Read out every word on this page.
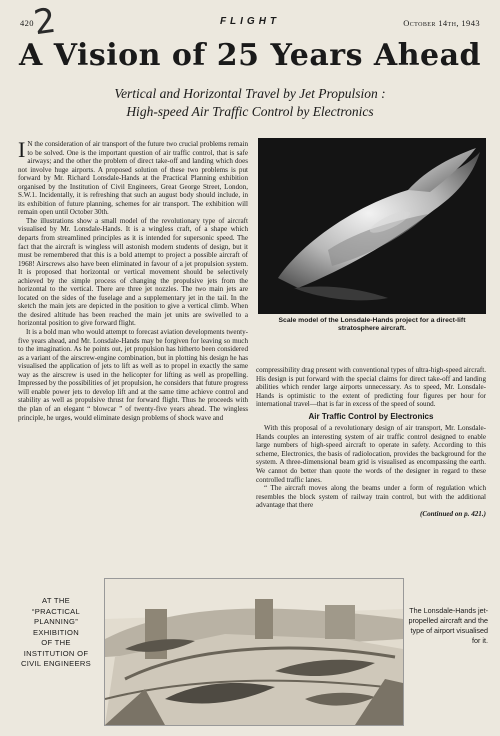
420	FLIGHT	October 14th, 1943
2
A Vision of 25 Years Ahead
Vertical and Horizontal Travel by Jet Propulsion :
High-speed Air Traffic Control by Electronics

I N the consideration of air transport of the future two crucial problems remain to be solved. One is the important question of air traffic control, that is safe airways; and the other the problem of direct take-off and landing which does not involve huge airports. A proposed solution of these two problems is put forward by Mr. Richard Lonsdale-Hands at the Practical Planning exhibition organised by the Institution of Civil Engineers, Great George Street, London, S.W.1. Incidentally, it is refreshing that such an august body should include, in its exhibition of future planning, schemes for air transport. The exhibition will remain open until October 30th.

The illustrations show a small model of the revolutionary type of aircraft visualised by Mr. Lonsdale-Hands. It is a wingless craft, of a shape which departs from streamlined principles as it is intended for supersonic speed. The fact that the aircraft is wingless will astonish modern students of design, but it must be remembered that this is a bold attempt to project a possible aircraft of 1968! Airscrews also have been eliminated in favour of a jet propulsion system. It is proposed that horizontal or vertical movement should be selectively achieved by the simple process of changing the propulsive jets from the horizontal to the vertical. There are three jet nozzles. The two main jets are located on the sides of the fuselage and a supplementary jet in the tail. In the sketch the main jets are depicted in the position to give a vertical climb. When the desired altitude has been reached the main jet units are swivelled to a horizontal position to give forward flight.

It is a bold man who would attempt to forecast aviation developments twenty-five years ahead, and Mr. Lonsdale-Hands may be forgiven for leaving so much to the imagination. As he points out, jet propulsion has hitherto been considered as a variant of the airscrew-engine combination, but in plotting his design he has visualised the application of jets to lift as well as to propel in exactly the same way as the airscrew is used in the helicopter for lifting as well as propelling. Impressed by the possibilities of jet propulsion, he considers that future progress will enable power jets to develop lift and at the same time achieve control and stability as well as propulsive thrust for forward flight. Thus he proceeds with the plan of an elegant “ blowcar ” of twenty-five years ahead. The wingless principle, he urges, would eliminate design problems of shock wave and

Scale model of the Lonsdale-Hands project for a direct-lift stratosphere aircraft.

compressibility drag present with conventional types of ultra-high-speed aircraft. His design is put forward with the special claims for direct take-off and landing abilities which render large airports unnecessary. As to speed, Mr. Lonsdale-Hands is optimistic to the extent of predicting four figures per hour for international travel—that is far in excess of the speed of sound.

Air Traffic Control by Electronics

With this proposal of a revolutionary design of air transport, Mr. Lonsdale-Hands couples an interesting system of air traffic control designed to enable large numbers of high-speed aircraft to operate in safety. According to this scheme, Electronics, the basis of radiolocation, provides the background for the system. A three-dimensional beam grid is visualised as encompassing the earth. We cannot do better than quote the words of the designer in regard to these controlled traffic lanes.

“ The aircraft moves along the beams under a form of regulation which resembles the block system of railway train control, but with the additional advantage that there

(Continued on p. 421.)
AT THE
“PRACTICAL
PLANNING”
EXHIBITION
OF THE
INSTITUTION OF
CIVIL ENGINEERS
The Lonsdale-Hands jet-propelled aircraft and the type of airport visualised for it.
